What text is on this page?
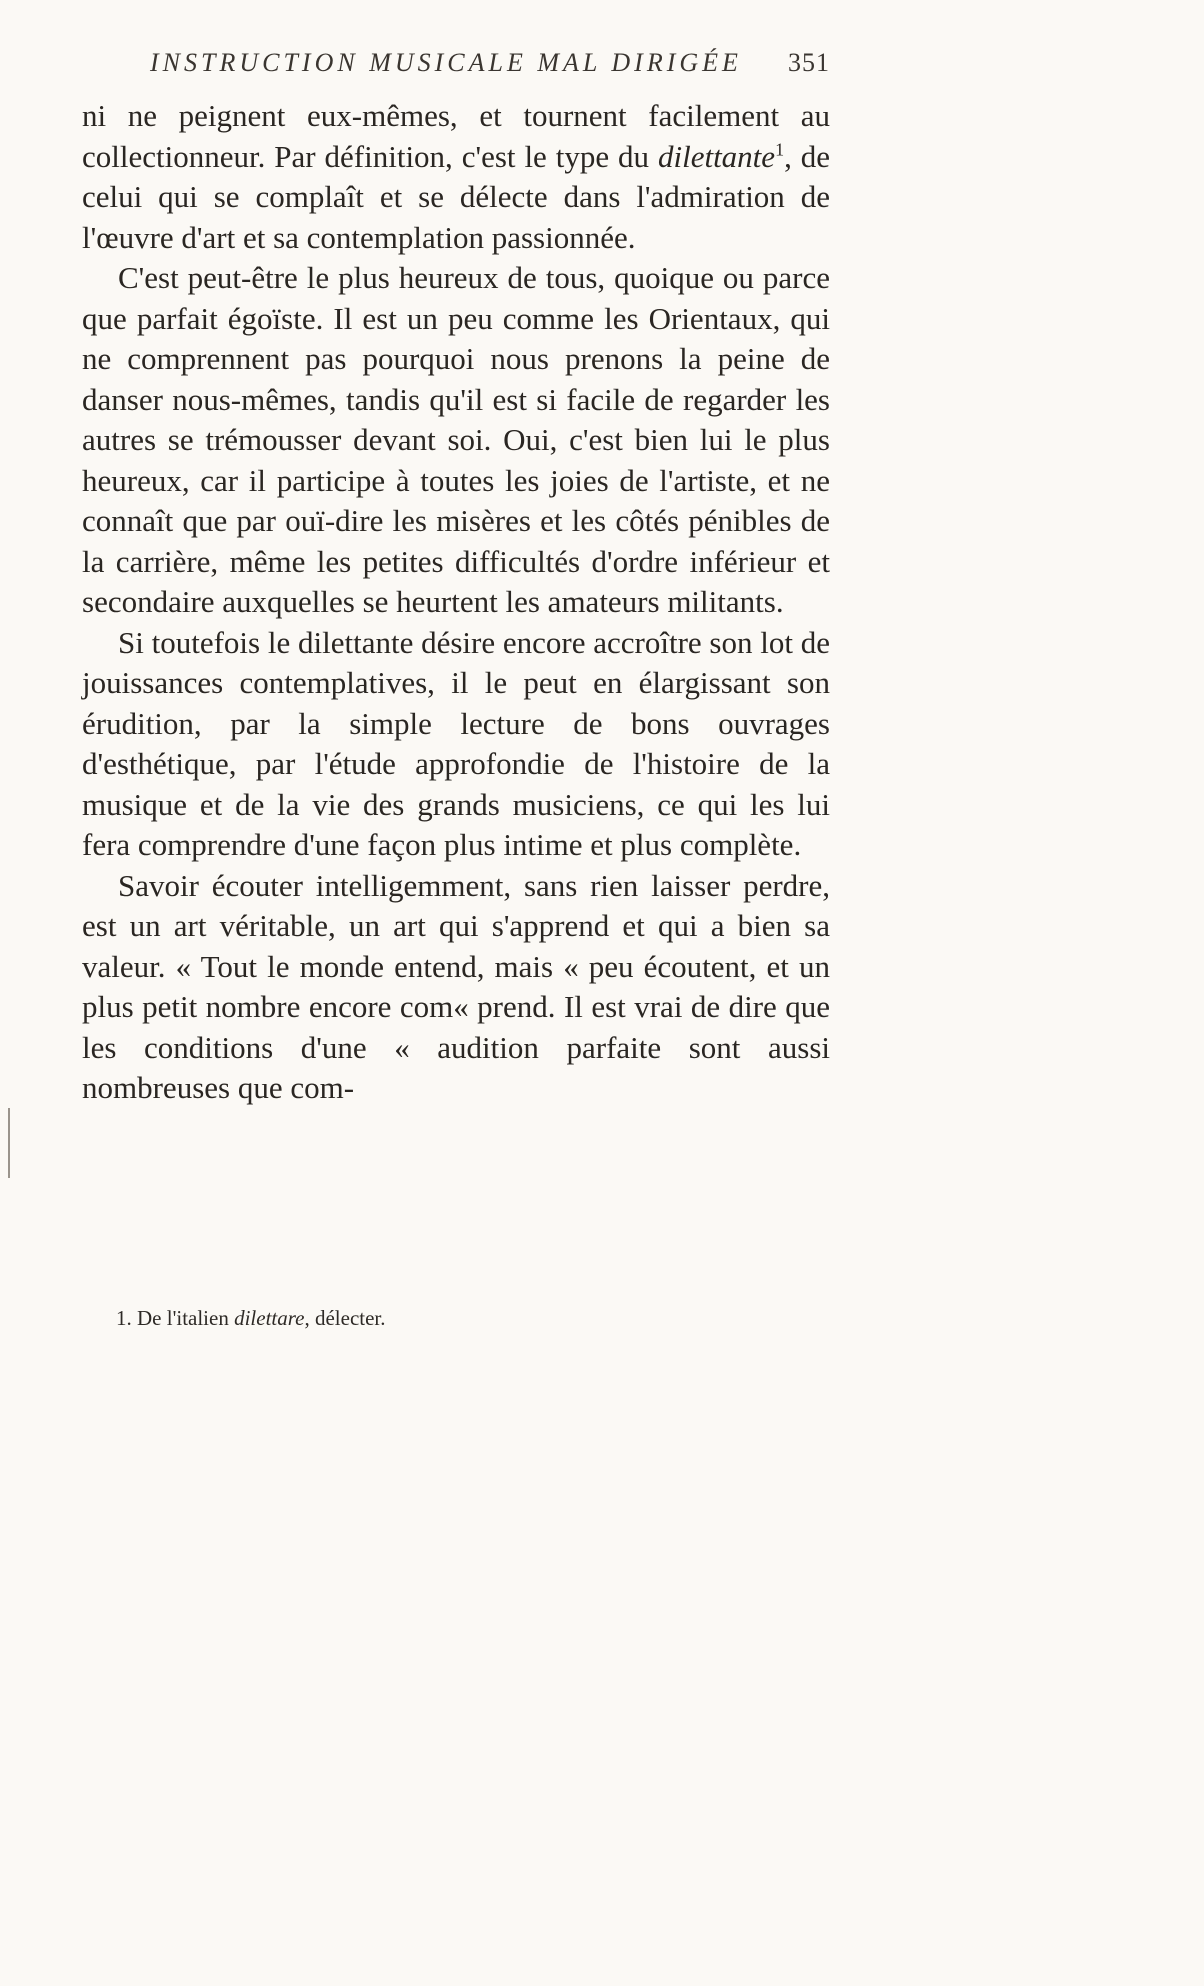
INSTRUCTION MUSICALE MAL DIRIGÉE 351

ni ne peignent eux-mêmes, et tournent facilement au collectionneur. Par définition, c'est le type du dilettante$^1$, de celui qui se complaît et se délecte dans l'admiration de l'œuvre d'art et sa contemplation passionnée.

C'est peut-être le plus heureux de tous, quoique ou parce que parfait égoïste. Il est un peu comme les Orientaux, qui ne comprennent pas pourquoi nous prenons la peine de danser nous-mêmes, tandis qu'il est si facile de regarder les autres se trémousser devant soi. Oui, c'est bien lui le plus heureux, car il participe à toutes les joies de l'artiste, et ne connaît que par ouï-dire les misères et les côtés pénibles de la carrière, même les petites difficultés d'ordre inférieur et secondaire auxquelles se heurtent les amateurs militants.

Si toutefois le dilettante désire encore accroître son lot de jouissances contemplatives, il le peut en élargissant son érudition, par la simple lecture de bons ouvrages d'esthétique, par l'étude approfondie de l'histoire de la musique et de la vie des grands musiciens, ce qui les lui fera comprendre d'une façon plus intime et plus complète.

Savoir écouter intelligemment, sans rien laisser perdre, est un art véritable, un art qui s'apprend et qui a bien sa valeur. « Tout le monde entend, mais « peu écoutent, et un plus petit nombre encore com« prend. Il est vrai de dire que les conditions d'une « audition parfaite sont aussi nombreuses que com-

1. De l'italien dilettare, délecter.
